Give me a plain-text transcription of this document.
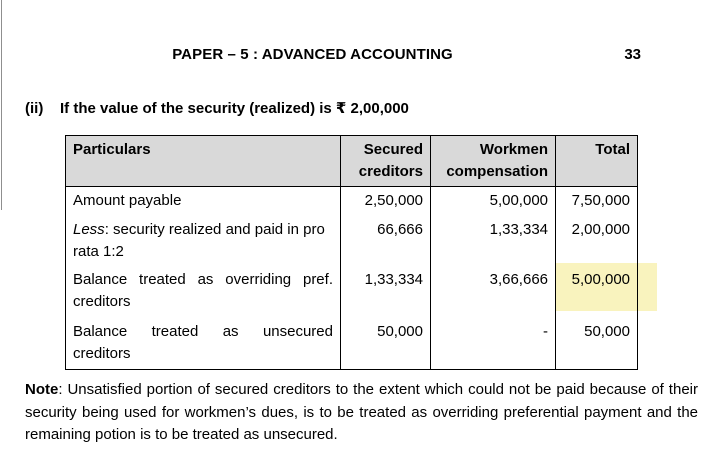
PAPER – 5 : ADVANCED ACCOUNTING	33
(ii) If the value of the security (realized) is ₹ 2,00,000
Particulars	Secured creditors	Workmen compensation	Total
Amount payable	2,50,000	5,00,000	7,50,000
Less: security realized and paid in pro rata 1:2	66,666	1,33,334	2,00,000
Balance treated as overriding pref. creditors	1,33,334	3,66,666	5,00,000
Balance treated as unsecured creditors	50,000	-	50,000

Note: Unsatisfied portion of secured creditors to the extent which could not be paid because of their security being used for workmen’s dues, is to be treated as overriding preferential payment and the remaining potion is to be treated as unsecured.
